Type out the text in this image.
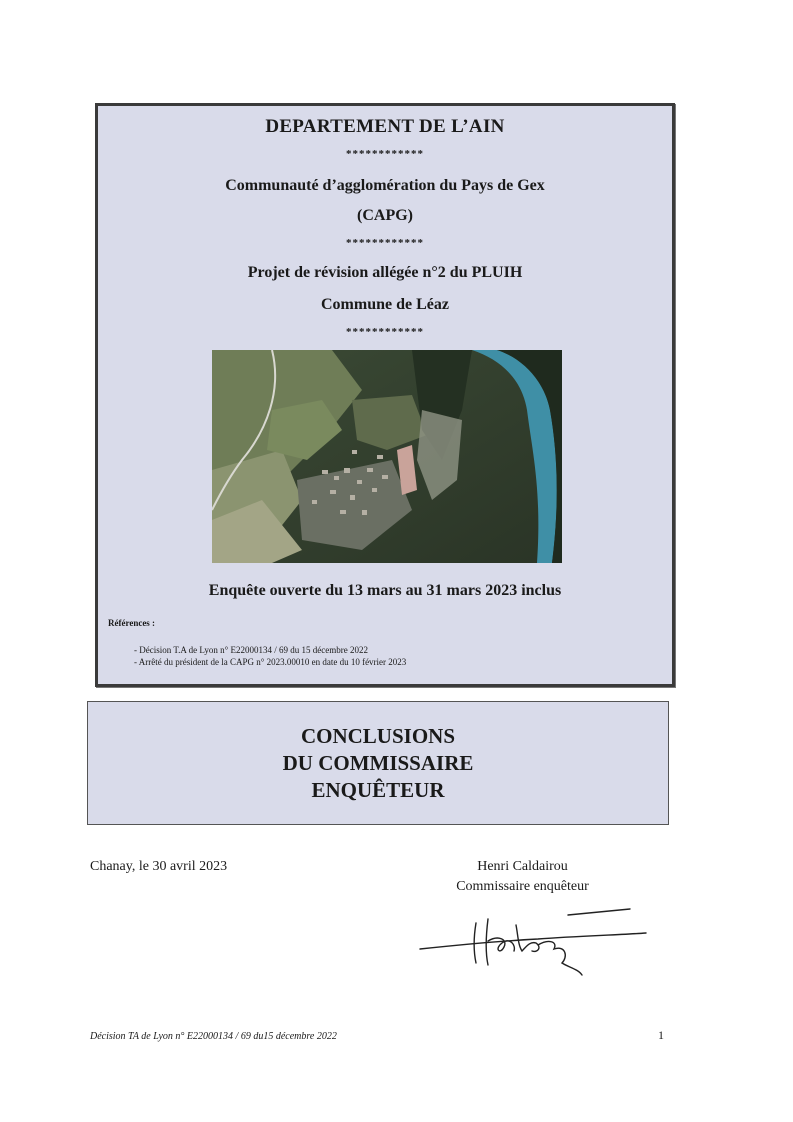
DEPARTEMENT DE L’AIN
************
Communauté d’agglomération du Pays de Gex
(CAPG)
************
Projet de révision allégée n°2 du PLUIH
Commune de Léaz
************
Enquête ouverte du 13 mars au 31 mars 2023 inclus
Références :
- Décision T.A de Lyon n° E22000134 / 69 du 15 décembre 2022
- Arrêté du président de la CAPG n° 2023.00010 en date du 10 février 2023
CONCLUSIONS
DU COMMISSAIRE
ENQUÊTEUR
Chanay, le 30 avril 2023	Henri Caldairou
Commissaire enquêteur
Décision TA de Lyon n° E22000134 / 69 du15 décembre 2022	1
